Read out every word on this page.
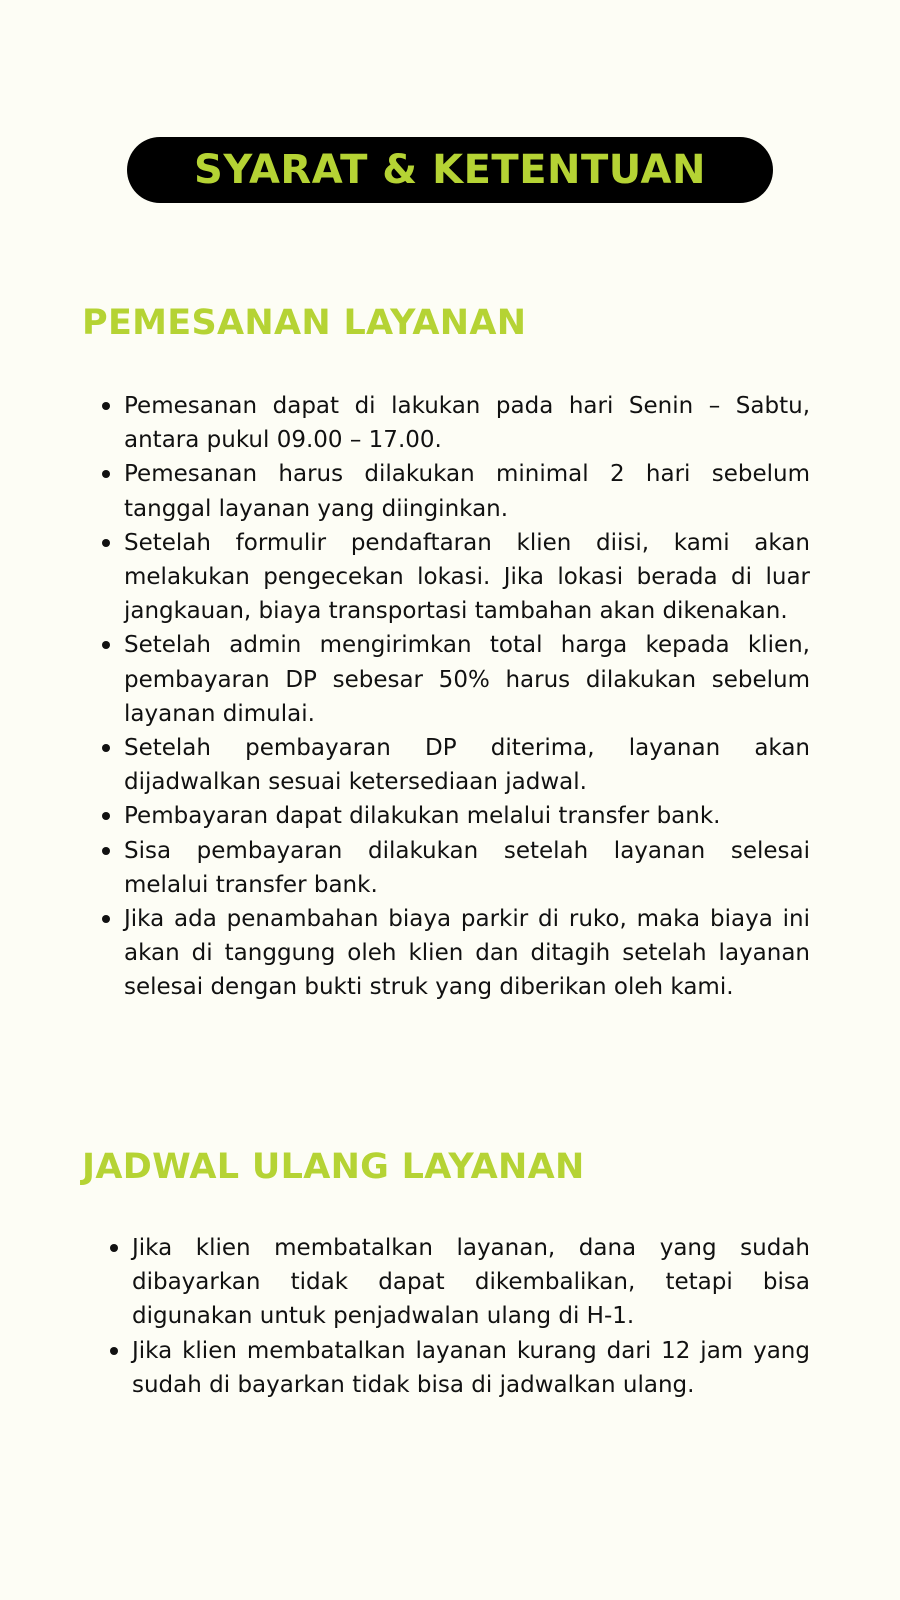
SYARAT & KETENTUAN
PEMESANAN LAYANAN
Pemesanan dapat di lakukan pada hari Senin – Sabtu, antara pukul 09.00 – 17.00.
Pemesanan harus dilakukan minimal 2 hari sebelum tanggal layanan yang diinginkan.
Setelah formulir pendaftaran klien diisi, kami akan melakukan pengecekan lokasi. Jika lokasi berada di luar jangkauan, biaya transportasi tambahan akan dikenakan.
Setelah admin mengirimkan total harga kepada klien, pembayaran DP sebesar 50% harus dilakukan sebelum layanan dimulai.
Setelah pembayaran DP diterima, layanan akan dijadwalkan sesuai ketersediaan jadwal.
Pembayaran dapat dilakukan melalui transfer bank.
Sisa pembayaran dilakukan setelah layanan selesai melalui transfer bank.
Jika ada penambahan biaya parkir di ruko, maka biaya ini akan di tanggung oleh klien dan ditagih setelah layanan selesai dengan bukti struk yang diberikan oleh kami.
JADWAL ULANG LAYANAN
Jika klien membatalkan layanan, dana yang sudah dibayarkan tidak dapat dikembalikan, tetapi bisa digunakan untuk penjadwalan ulang di H-1.
Jika klien membatalkan layanan kurang dari 12 jam yang sudah di bayarkan tidak bisa di jadwalkan ulang.
